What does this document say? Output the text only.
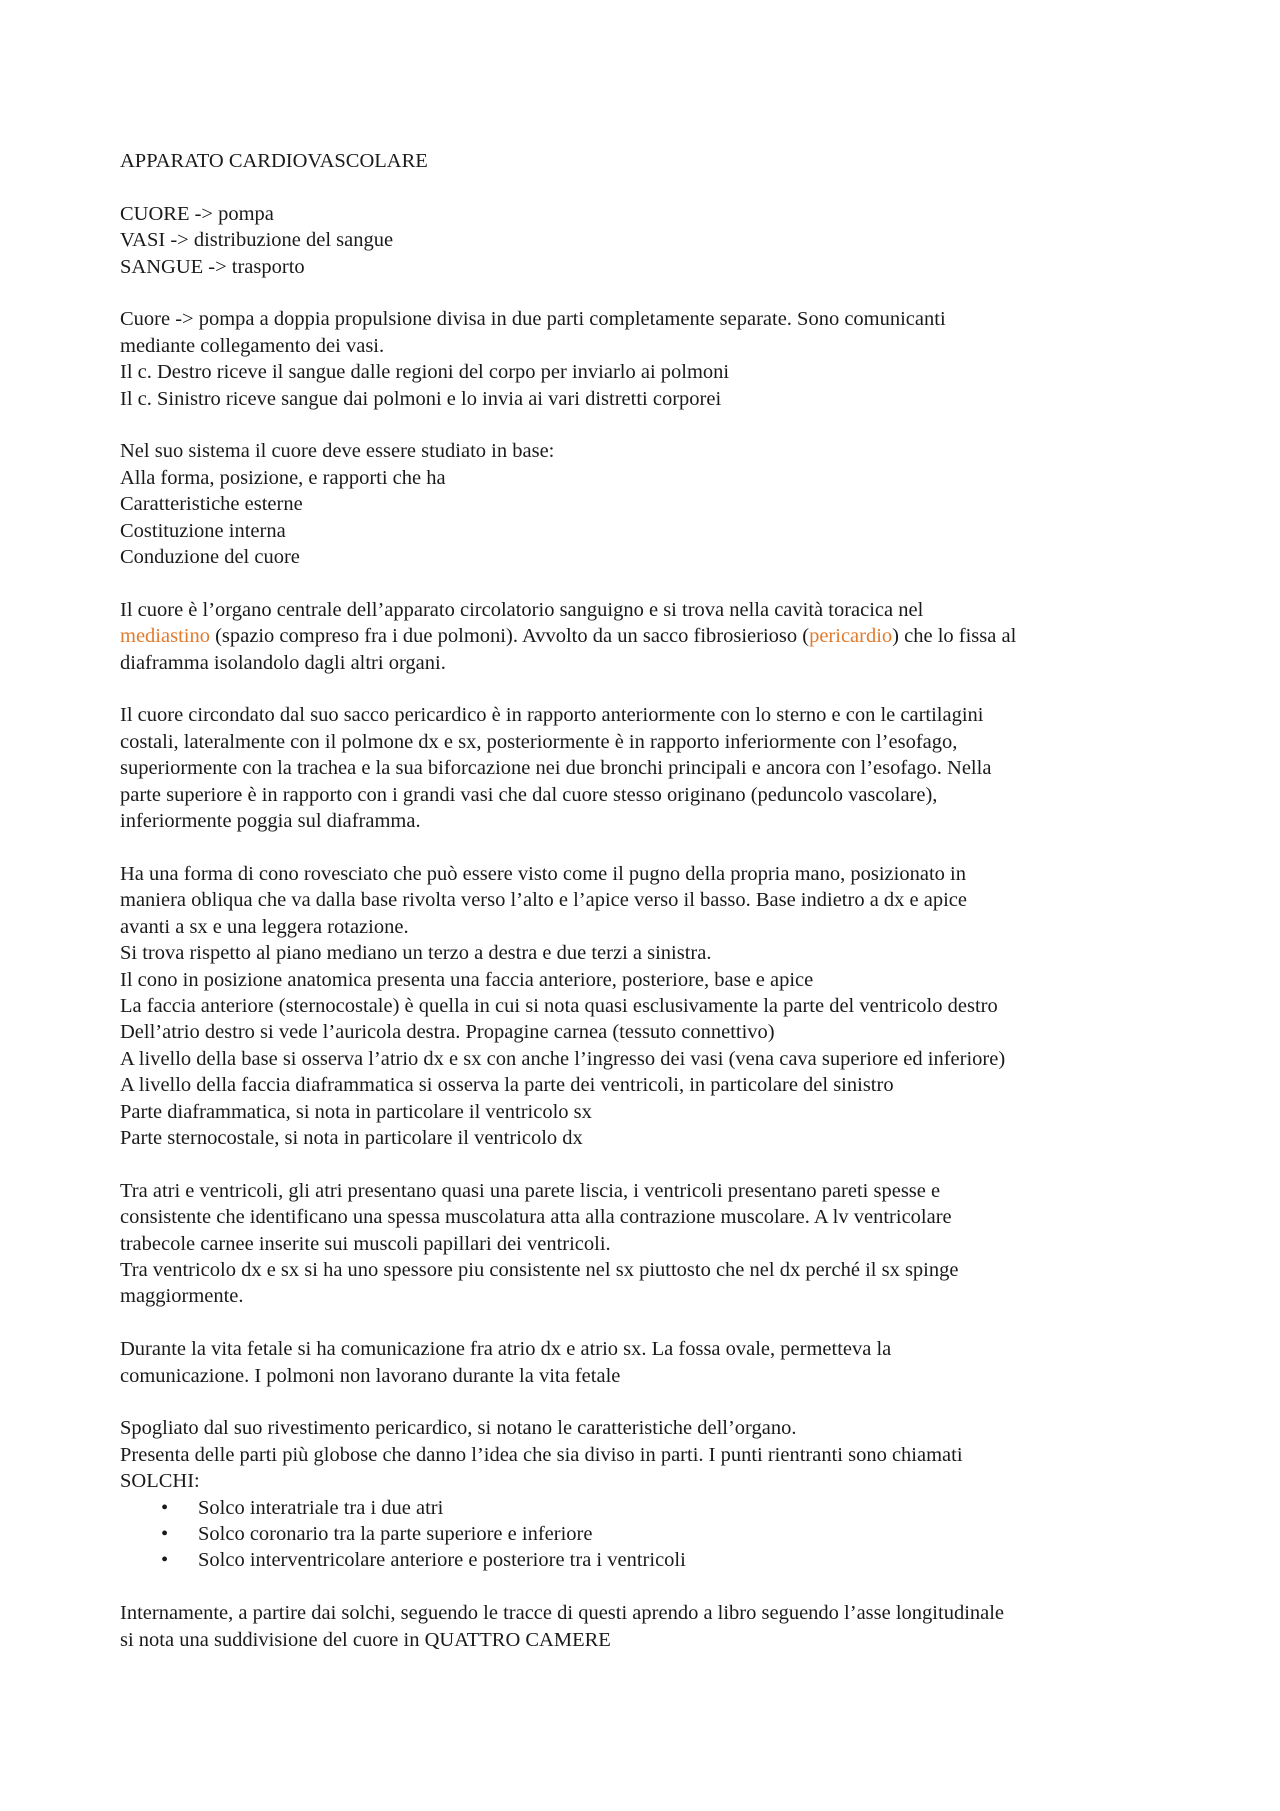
APPARATO CARDIOVASCOLARE
CUORE -> pompa
VASI -> distribuzione del sangue
SANGUE -> trasporto
Cuore -> pompa a doppia propulsione divisa in due parti completamente separate. Sono comunicanti
mediante collegamento dei vasi.
Il c. Destro riceve il sangue dalle regioni del corpo per inviarlo ai polmoni
Il c. Sinistro riceve sangue dai polmoni e lo invia ai vari distretti corporei
Nel suo sistema il cuore deve essere studiato in base:
Alla forma, posizione, e rapporti che ha
Caratteristiche esterne
Costituzione interna
Conduzione del cuore
Il cuore è l’organo centrale dell’apparato circolatorio sanguigno e si trova nella cavità toracica nel
mediastino (spazio compreso fra i due polmoni). Avvolto da un sacco fibrosierioso (pericardio) che lo fissa al
diaframma isolandolo dagli altri organi.
Il cuore circondato dal suo sacco pericardico è in rapporto anteriormente con lo sterno e con le cartilagini
costali, lateralmente con il polmone dx e sx, posteriormente è in rapporto inferiormente con l’esofago,
superiormente con la trachea e la sua biforcazione nei due bronchi principali e ancora con l’esofago. Nella
parte superiore è in rapporto con i grandi vasi che dal cuore stesso originano (peduncolo vascolare),
inferiormente poggia sul diaframma.
Ha una forma di cono rovesciato che può essere visto come il pugno della propria mano, posizionato in
maniera obliqua che va dalla base rivolta verso l’alto e l’apice verso il basso. Base indietro a dx e apice
avanti a sx e una leggera rotazione.
Si trova rispetto al piano mediano un terzo a destra e due terzi a sinistra.
Il cono in posizione anatomica presenta una faccia anteriore, posteriore, base e apice
La faccia anteriore (sternocostale) è quella in cui si nota quasi esclusivamente la parte del ventricolo destro
Dell’atrio destro si vede l’auricola destra. Propagine carnea (tessuto connettivo)
A livello della base si osserva l’atrio dx e sx con anche l’ingresso dei vasi (vena cava superiore ed inferiore)
A livello della faccia diaframmatica si osserva la parte dei ventricoli, in particolare del sinistro
Parte diaframmatica, si nota in particolare il ventricolo sx
Parte sternocostale, si nota in particolare il ventricolo dx
Tra atri e ventricoli, gli atri presentano quasi una parete liscia, i ventricoli presentano pareti spesse e
consistente che identificano una spessa muscolatura atta alla contrazione muscolare. A lv ventricolare
trabecole carnee inserite sui muscoli papillari dei ventricoli.
Tra ventricolo dx e sx si ha uno spessore piu consistente nel sx piuttosto che nel dx perché il sx spinge
maggiormente.
Durante la vita fetale si ha comunicazione fra atrio dx e atrio sx. La fossa ovale, permetteva la
comunicazione. I polmoni non lavorano durante la vita fetale
Spogliato dal suo rivestimento pericardico, si notano le caratteristiche dell’organo.
Presenta delle parti più globose che danno l’idea che sia diviso in parti. I punti rientranti sono chiamati
SOLCHI:
• Solco interatriale tra i due atri
• Solco coronario tra la parte superiore e inferiore
• Solco interventricolare anteriore e posteriore tra i ventricoli
Internamente, a partire dai solchi, seguendo le tracce di questi aprendo a libro seguendo l’asse longitudinale
si nota una suddivisione del cuore in QUATTRO CAMERE
